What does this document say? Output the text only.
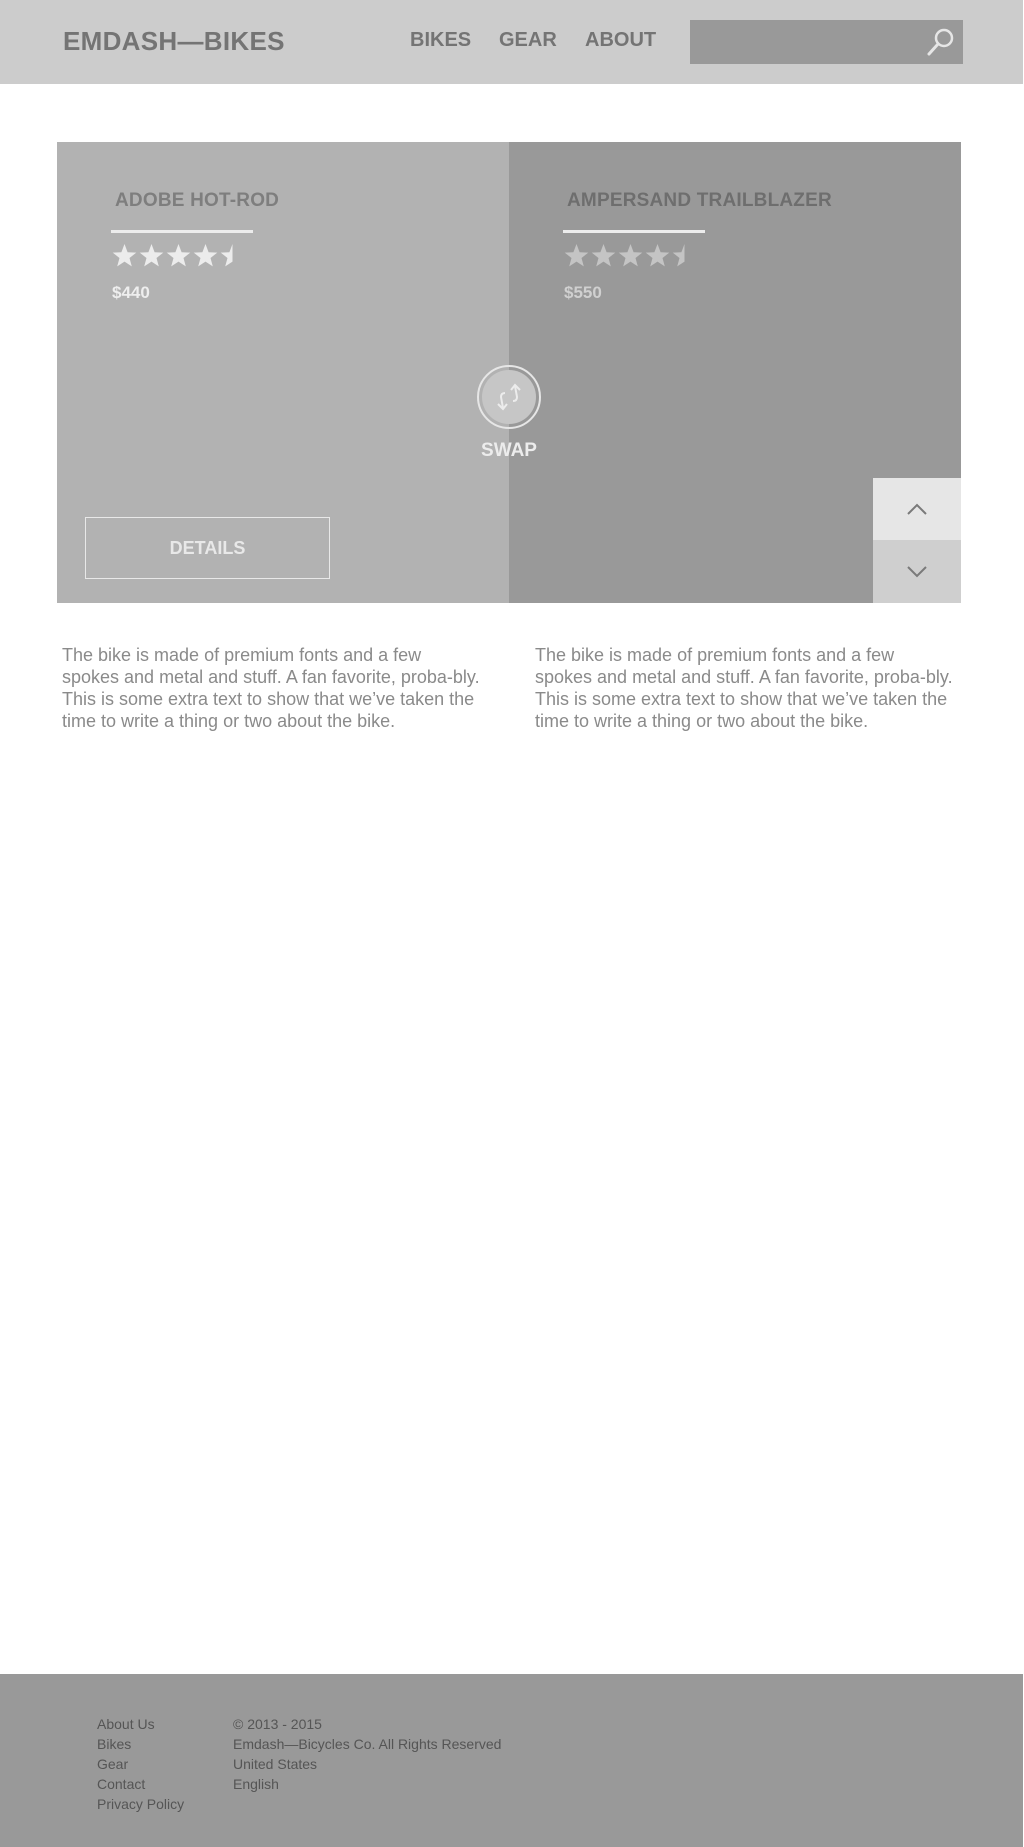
EMDASH—BIKES	BIKES GEAR ABOUT
ADOBE HOT-ROD
$440
DETAILS
AMPERSAND TRAILBLAZER
$550
SWAP

The bike is made of premium fonts and a few spokes and metal and stuff. A fan favorite, proba-bly. This is some extra text to show that we’ve taken the time to write a thing or two about the bike.

The bike is made of premium fonts and a few spokes and metal and stuff. A fan favorite, proba-bly. This is some extra text to show that we’ve taken the time to write a thing or two about the bike.

About Us
Bikes
Gear
Contact
Privacy Policy
© 2013 - 2015
Emdash—Bicycles Co. All Rights Reserved
United States
English
